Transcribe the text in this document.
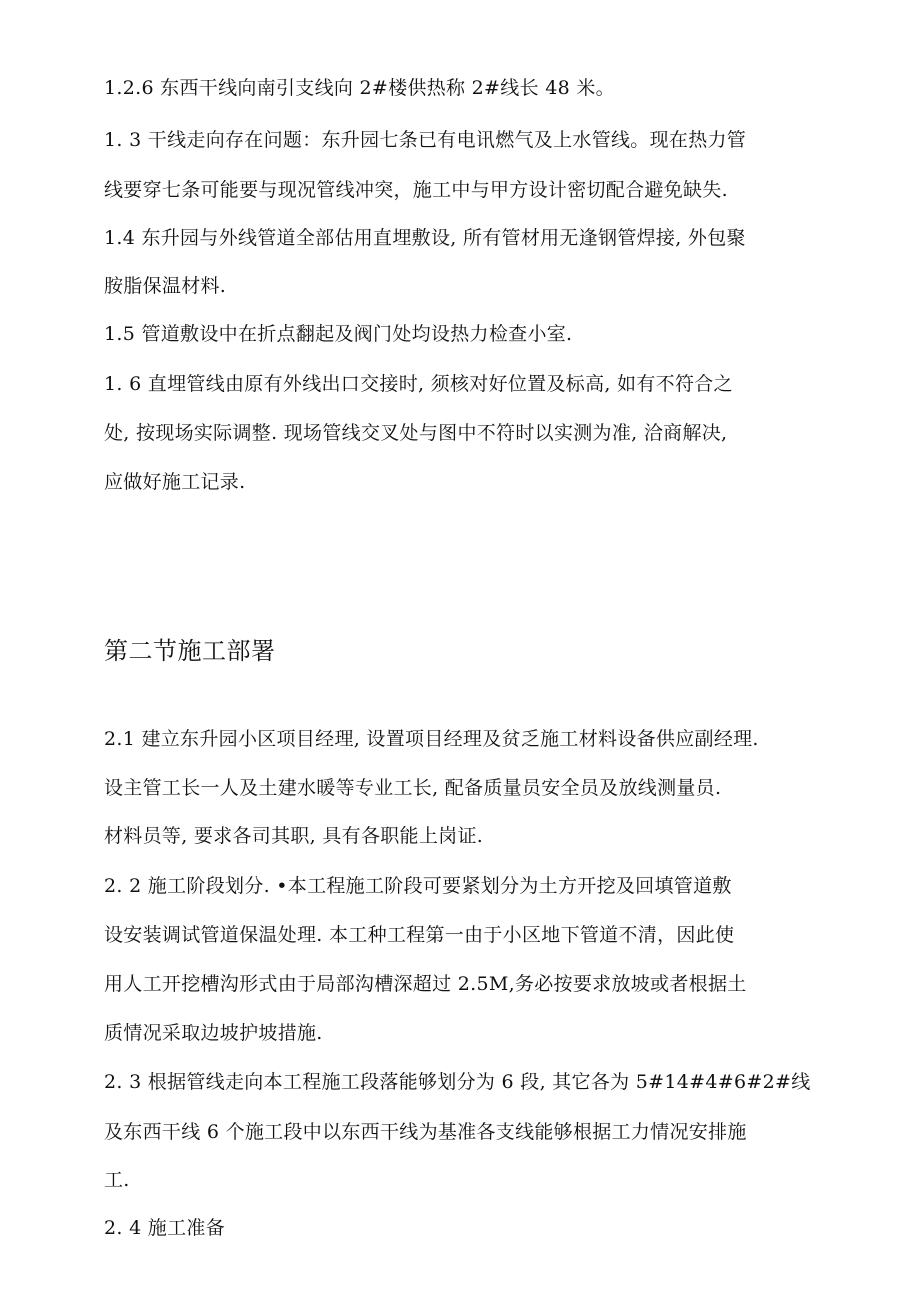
1.2.6 东西干线向南引支线向 2#楼供热称 2#线长 48 米。
1. 3 干线走向存在问题：东升园七条已有电讯燃气及上水管线。现在热力管
线要穿七条可能要与现况管线冲突，施工中与甲方设计密切配合避免缺失.
1.4 东升园与外线管道全部估用直埋敷设, 所有管材用无逢钢管焊接, 外包聚
胺脂保温材料.
1.5 管道敷设中在折点翻起及阀门处均设热力检查小室.
1. 6 直埋管线由原有外线出口交接时, 须核对好位置及标高, 如有不符合之
处, 按现场实际调整. 现场管线交叉处与图中不符时以实测为准, 洽商解决,
应做好施工记录.
第二节施工部署
2.1 建立东升园小区项目经理, 设置项目经理及贫乏施工材料设备供应副经理.
设主管工长一人及土建水暖等专业工长, 配备质量员安全员及放线测量员.
材料员等, 要求各司其职, 具有各职能上岗证.
2. 2 施工阶段划分. •本工程施工阶段可要紧划分为土方开挖及回填管道敷
设安装调试管道保温处理. 本工种工程第一由于小区地下管道不清，因此使
用人工开挖槽沟形式由于局部沟槽深超过 2.5M,务必按要求放坡或者根据土
质情况采取边坡护坡措施.
2. 3 根据管线走向本工程施工段落能够划分为 6 段, 其它各为 5#14#4#6#2#线
及东西干线 6 个施工段中以东西干线为基准各支线能够根据工力情况安排施
工.
2. 4 施工准备
